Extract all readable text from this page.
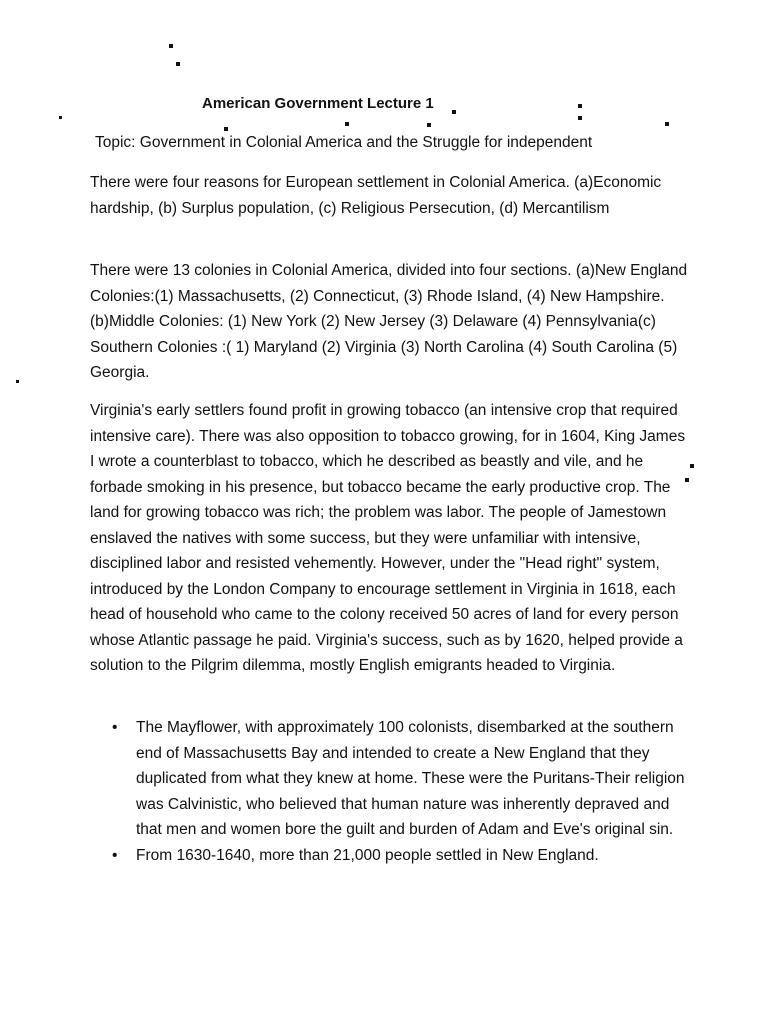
American Government Lecture 1
Topic: Government in Colonial America and the Struggle for independent

There were four reasons for European settlement in Colonial America. (a)Economic hardship, (b) Surplus population, (c) Religious Persecution, (d) Mercantilism

There were 13 colonies in Colonial America, divided into four sections. (a)New England Colonies:(1) Massachusetts, (2) Connecticut, (3) Rhode Island, (4) New Hampshire. (b)Middle Colonies: (1) New York (2) New Jersey (3) Delaware (4) Pennsylvania(c) Southern Colonies :( 1) Maryland (2) Virginia (3) North Carolina (4) South Carolina (5) Georgia.

Virginia's early settlers found profit in growing tobacco (an intensive crop that required intensive care). There was also opposition to tobacco growing, for in 1604, King James I wrote a counterblast to tobacco, which he described as beastly and vile, and he forbade smoking in his presence, but tobacco became the early productive crop. The land for growing tobacco was rich; the problem was labor. The people of Jamestown enslaved the natives with some success, but they were unfamiliar with intensive, disciplined labor and resisted vehemently. However, under the "Head right" system, introduced by the London Company to encourage settlement in Virginia in 1618, each head of household who came to the colony received 50 acres of land for every person whose Atlantic passage he paid. Virginia's success, such as by 1620, helped provide a solution to the Pilgrim dilemma, mostly English emigrants headed to Virginia.

• The Mayflower, with approximately 100 colonists, disembarked at the southern end of Massachusetts Bay and intended to create a New England that they duplicated from what they knew at home. These were the Puritans-Their religion was Calvinistic, who believed that human nature was inherently depraved and that men and women bore the guilt and burden of Adam and Eve's original sin.
• From 1630-1640, more than 21,000 people settled in New England.
